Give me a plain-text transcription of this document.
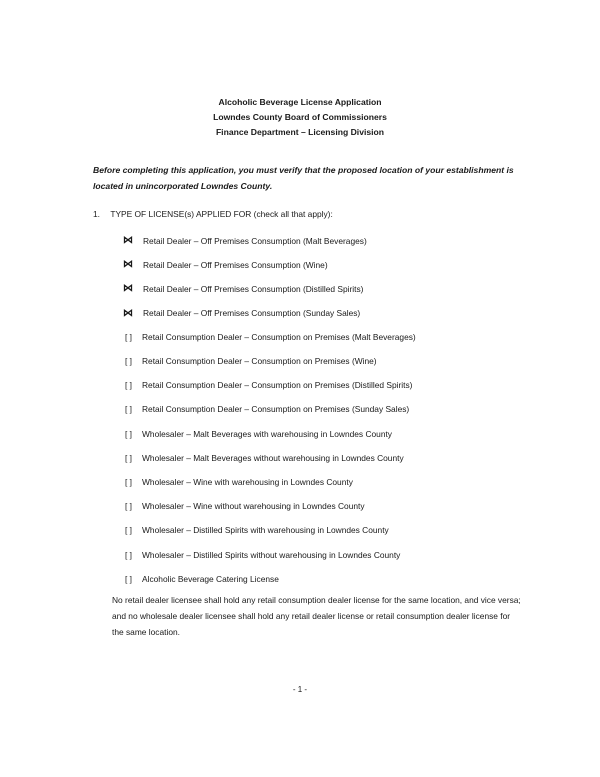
Alcoholic Beverage License Application
Lowndes County Board of Commissioners
Finance Department – Licensing Division
Before completing this application, you must verify that the proposed location of your establishment is
located in unincorporated Lowndes County.
1. TYPE OF LICENSE(s) APPLIED FOR (check all that apply):
⋈	Retail Dealer – Off Premises Consumption (Malt Beverages)
⋈	Retail Dealer – Off Premises Consumption (Wine)
⋈	Retail Dealer – Off Premises Consumption (Distilled Spirits)
⋈	Retail Dealer – Off Premises Consumption (Sunday Sales)
[ ]	Retail Consumption Dealer – Consumption on Premises (Malt Beverages)
[ ]	Retail Consumption Dealer – Consumption on Premises (Wine)
[ ]	Retail Consumption Dealer – Consumption on Premises (Distilled Spirits)
[ ]	Retail Consumption Dealer – Consumption on Premises (Sunday Sales)
[ ]	Wholesaler – Malt Beverages with warehousing in Lowndes County
[ ]	Wholesaler – Malt Beverages without warehousing in Lowndes County
[ ]	Wholesaler – Wine with warehousing in Lowndes County
[ ]	Wholesaler – Wine without warehousing in Lowndes County
[ ]	Wholesaler – Distilled Spirits with warehousing in Lowndes County
[ ]	Wholesaler – Distilled Spirits without warehousing in Lowndes County
[ ]	Alcoholic Beverage Catering License
No retail dealer licensee shall hold any retail consumption dealer license for the same location, and vice versa; and no wholesale dealer licensee shall hold any retail dealer license or retail consumption dealer license for the same location.
- 1 -
